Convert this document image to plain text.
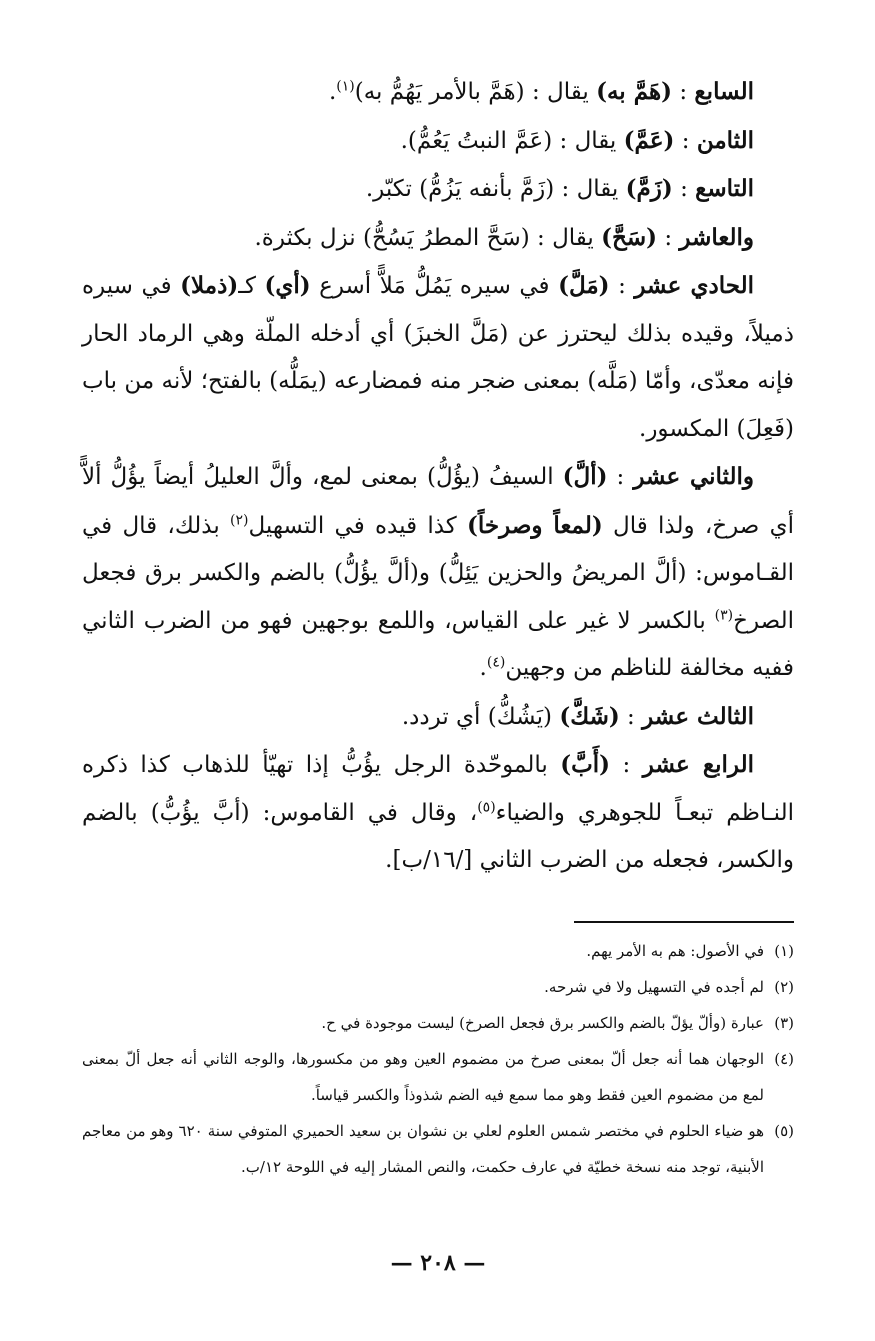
السابع : (هَمَّ به) يقال : (هَمَّ بالأمر يَهُمُّ به)$^{(١)}$.

الثامن : (عَمَّ) يقال : (عَمَّ النبتُ يَعُمُّ).

التاسع : (زَمَّ) يقال : (زَمَّ بأنفه يَزُمُّ) تكبّر.

والعاشر : (سَحَّ) يقال : (سَحَّ المطرُ يَسُحُّ) نزل بكثرة.

الحادي عشر : (مَلَّ) في سيره يَمُلُّ مَلاًّ أسرع (أي) كـ(ذملا) في سيره ذميلاً، وقيده بذلك ليحترز عن (مَلَّ الخبزَ) أي أدخله الملّة وهي الرماد الحار فإنه معدّى، وأمّا (مَلَّه) بمعنى ضجر منه فمضارعه (يمَلُّه) بالفتح؛ لأنه من باب (فَعِلَ) المكسور.

والثاني عشر : (ألَّ) السيفُ (يؤُلُّ) بمعنى لمع، وألَّ العليلُ أيضاً يؤُلُّ ألاًّ أي صرخ، ولذا قال (لمعاً وصرخاً) كذا قيده في التسهيل$^{(٢)}$ بذلك، قال في القـاموس: (ألَّ المريضُ والحزين يَئِلُّ) و(ألَّ يؤُلُّ) بالضم والكسر برق فجعل الصرخ$^{(٣)}$ بالكسر لا غير على القياس، واللمع بوجهين فهو من الضرب الثاني ففيه مخالفة للناظم من وجهين$^{(٤)}$.

الثالث عشر : (شَكَّ) (يَشُكُّ) أي تردد.

الرابع عشر : (أَبَّ) بالموحّدة الرجل يؤُبُّ إذا تهيّأ للذهاب كذا ذكره النـاظم تبعـاً للجوهري والضياء$^{(٥)}$، وقال في القاموس: (أبَّ يؤُبُّ) بالضم والكسر، فجعله من الضرب الثاني [/١٦/ب].

(١)
في الأصول: هم به الأمر يهم.

(٢)
لم أجده في التسهيل ولا في شرحه.

(٣)
عبارة (وألّ يؤلّ بالضم والكسر برق فجعل الصرخ) ليست موجودة في ح.

(٤)
الوجهان هما أنه جعل ألّ بمعنى صرخ من مضموم العين وهو من مكسورها، والوجه الثاني أنه جعل ألّ بمعنى لمع من مضموم العين فقط وهو مما سمع فيه الضم شذوذاً والكسر قياساً.

(٥)
هو ضياء الحلوم في مختصر شمس العلوم لعلي بن نشوان بن سعيد الحميري المتوفي سنة ٦٢٠ وهو من معاجم الأبنية، توجد منه نسخة خطيّة في عارف حكمت، والنص المشار إليه في اللوحة ١٢/ب.

— ٢٠٨ —
